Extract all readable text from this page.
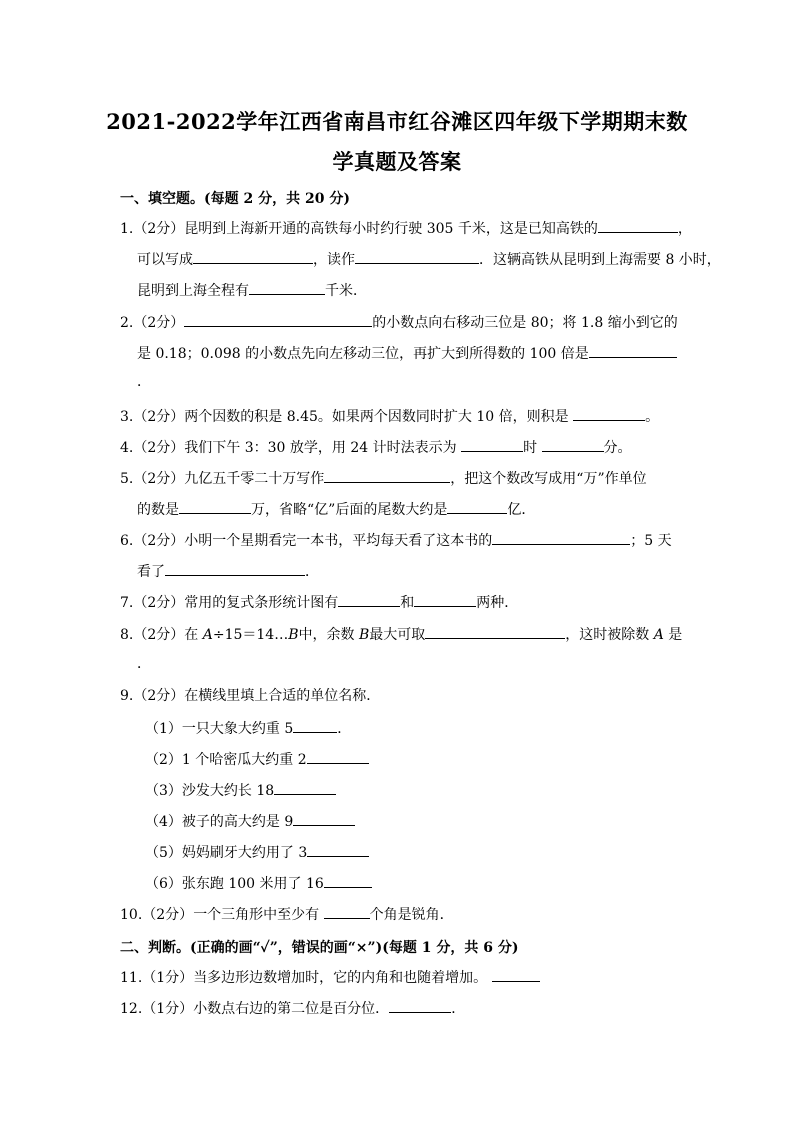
2021-2022学年江西省南昌市红谷滩区四年级下学期期末数
学真题及答案
一、填空题。(每题 2 分，共 20 分)
1.（2分）昆明到上海新开通的高铁每小时约行驶 305 千米，这是已知高铁的	，
可以写成	，读作	．这辆高铁从昆明到上海需要 8 小时，
昆明到上海全程有	千米．
2.（2分）	的小数点向右移动三位是 80；将 1.8 缩小到它的
是 0.18；0.098 的小数点先向左移动三位，再扩大到所得数的 100 倍是
．
3.（2分）两个因数的积是 8.45。如果两个因数同时扩大 10 倍，则积是	。
4.（2分）我们下午 3：30 放学，用 24 计时法表示为	时	分。
5.（2分）九亿五千零二十万写作	，把这个数改写成用“万”作单位
的数是	万，省略“亿”后面的尾数大约是	亿．
6.（2分）小明一个星期看完一本书，平均每天看了这本书的	；5 天
看了	．
7.（2分）常用的复式条形统计图有	和	两种．
8.（2分）在 A÷15＝14…B中，余数 B最大可取	，这时被除数 A 是
．
9.（2分）在横线里填上合适的单位名称．
（1）一只大象大约重 5	．
（2）1 个哈密瓜大约重 2
（3）沙发大约长 18
（4）被子的高大约是 9
（5）妈妈刷牙大约用了 3
（6）张东跑 100 米用了 16
10.（2分）一个三角形中至少有	个角是锐角．
二、判断。(正确的画“✓”，错误的画“×”)(每题 1 分，共 6 分)
11.（1分）当多边形边数增加时，它的内角和也随着增加。
12.（1分）小数点右边的第二位是百分位．	．
